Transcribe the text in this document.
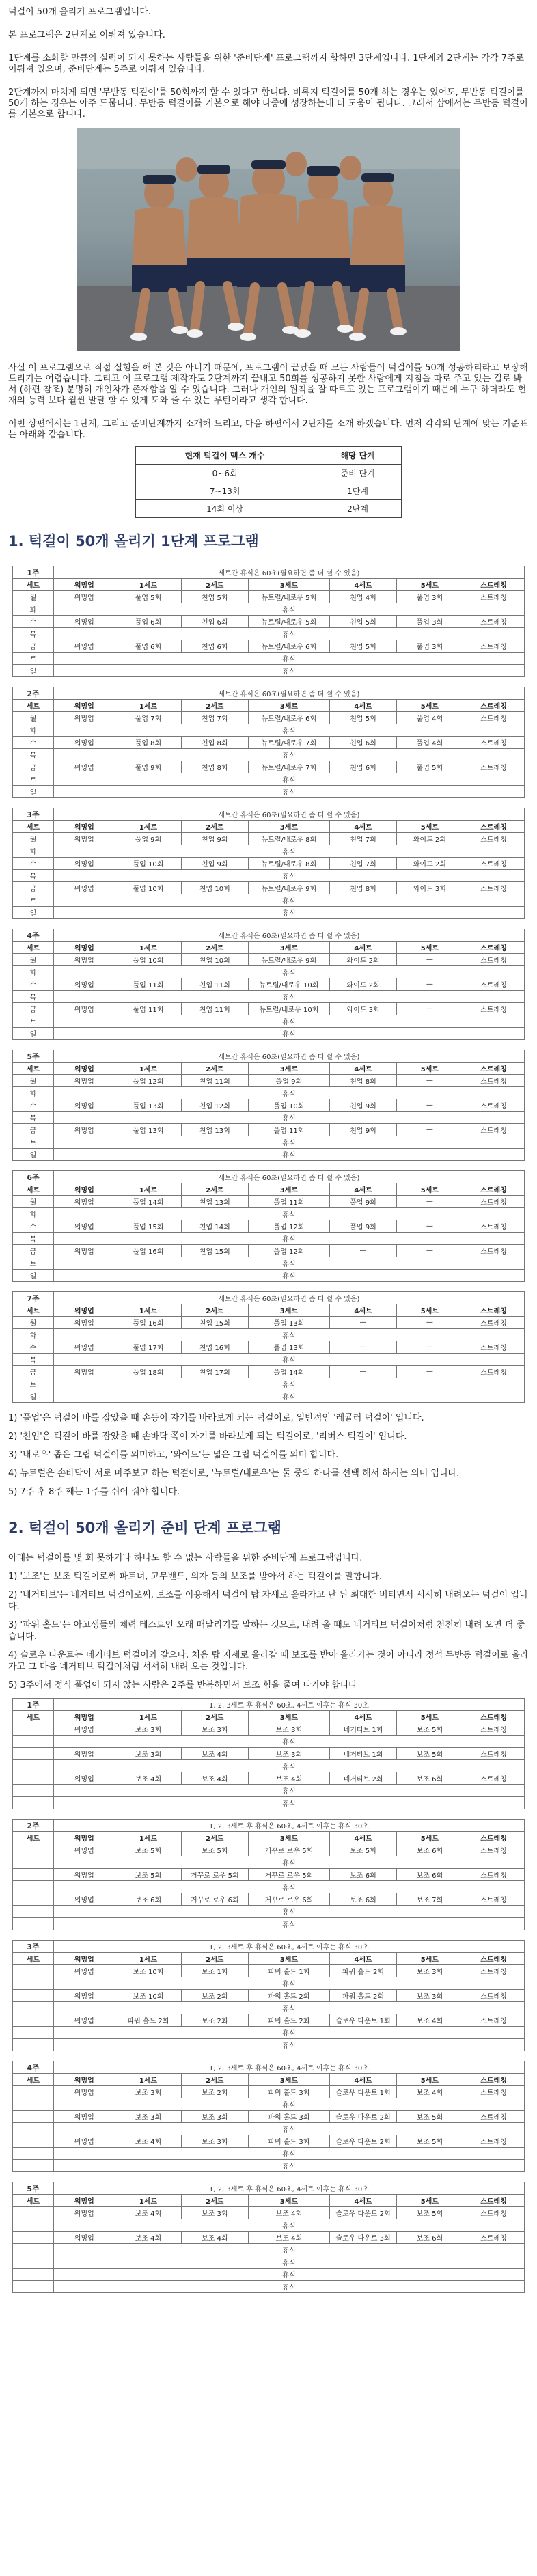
턱걸이 50개 올리기 프로그램입니다.

본 프로그램은 2단계로 이뤄져 있습니다.

1단계를 소화할 만큼의 실력이 되지 못하는 사람들을 위한 '준비단계' 프로그램까지 합하면 3단계입니다. 1단계와 2단계는 각각 7주로 이뤄져 있으며, 준비단계는 5주로 이뤄져 있습니다.

2단계까지 마치게 되면 '무반동 턱걸이'를 50회까지 할 수 있다고 합니다. 비록지 턱걸이를 50개 하는 경우는 있어도, 무반동 턱걸이를 50개 하는 경우는 아주 드뭅니다. 무반동 턱걸이를 기본으로 해야 나중에 성장하는데 더 도움이 됩니다. 그래서 삽에서는 무반동 턱걸이를 기본으로 합니다.

사실 이 프로그램으로 직접 실험을 해 본 것은 아니기 때문에, 프로그램이 끝났을 때 모든 사람들이 턱걸이를 50개 성공하리라고 보장해 드리기는 어렵습니다. 그리고 이 프로그램 제작자도 2단계까지 끝내고 50회를 성공하지 못한 사람에게 지침을 따로 주고 있는 걸로 봐서 (하편 참조) 분명히 개인차가 존재함을 알 수 있습니다. 그러나 개인의 원칙을 잘 따르고 있는 프로그램이기 때문에 누구 하더라도 현재의 능력 보다 월씬 발달 할 수 있게 도와 줄 수 있는 루틴이라고 생각 합니다.

이번 상편에서는 1단계, 그리고 준비단계까지 소개해 드리고, 다음 하편에서 2단계를 소개 하겠습니다. 먼저 각각의 단계에 맞는 기준표는 아래와 같습니다.

현재 턱걸이 맥스 개수	해당 단계
0~6회	준비 단계
7~13회	1단계
14회 이상	2단계
1. 턱걸이 50개 올리기 1단계 프로그램
1주	세트간 휴식은 60초(필요하면 좀 더 쉴 수 있음)						
세트	워밍업	1세트	2세트	3세트	4세트	5세트	스트레칭
월	워밍업	풀업 5회	친업 5회	뉴트럴/내로우 5회	친업 4회	풀업 3회	스트레칭
화	휴식						
수	워밍업	풀업 6회	친업 6회	뉴트럴/내로우 5회	친업 5회	풀업 3회	스트레칭
목	휴식						
금	워밍업	풀업 6회	친업 6회	뉴트럴/내로우 6회	친업 5회	풀업 3회	스트레칭
토	휴식						
일	휴식						
2주	세트간 휴식은 60초(필요하면 좀 더 쉴 수 있음)						
세트	워밍업	1세트	2세트	3세트	4세트	5세트	스트레칭
월	워밍업	풀업 7회	친업 7회	뉴트럴/내로우 6회	친업 5회	풀업 4회	스트레칭
화	휴식						
수	워밍업	풀업 8회	친업 8회	뉴트럴/내로우 7회	친업 6회	풀업 4회	스트레칭
목	휴식						
금	워밍업	풀업 9회	친업 8회	뉴트럴/내로우 7회	친업 6회	풀업 5회	스트레칭
토	휴식						
일	휴식						
3주	세트간 휴식은 60초(필요하면 좀 더 쉴 수 있음)						
세트	워밍업	1세트	2세트	3세트	4세트	5세트	스트레칭
월	워밍업	풀업 9회	친업 9회	뉴트럴/내로우 8회	친업 7회	와이드 2회	스트레칭
화	휴식						
수	워밍업	풀업 10회	친업 9회	뉴트럴/내로우 8회	친업 7회	와이드 2회	스트레칭
목	휴식						
금	워밍업	풀업 10회	친업 10회	뉴트럴/내로우 9회	친업 8회	와이드 3회	스트레칭
토	휴식						
일	휴식						
4주	세트간 휴식은 60초(필요하면 좀 더 쉴 수 있음)						
세트	워밍업	1세트	2세트	3세트	4세트	5세트	스트레칭
월	워밍업	풀업 10회	친업 10회	뉴트럴/내로우 9회	와이드 2회	—	스트레칭
화	휴식						
수	워밍업	풀업 11회	친업 11회	뉴트럴/내로우 10회	와이드 2회	—	스트레칭
목	휴식						
금	워밍업	풀업 11회	친업 11회	뉴트럴/내로우 10회	와이드 3회	—	스트레칭
토	휴식						
일	휴식						
5주	세트간 휴식은 60초(필요하면 좀 더 쉴 수 있음)						
세트	워밍업	1세트	2세트	3세트	4세트	5세트	스트레칭
월	워밍업	풀업 12회	친업 11회	풀업 9회	친업 8회	—	스트레칭
화	휴식						
수	워밍업	풀업 13회	친업 12회	풀업 10회	친업 9회	—	스트레칭
목	휴식						
금	워밍업	풀업 13회	친업 13회	풀업 11회	친업 9회	—	스트레칭
토	휴식						
일	휴식						
6주	세트간 휴식은 60초(필요하면 좀 더 쉴 수 있음)						
세트	워밍업	1세트	2세트	3세트	4세트	5세트	스트레칭
월	워밍업	풀업 14회	친업 13회	풀업 11회	풀업 9회	—	스트레칭
화	휴식						
수	워밍업	풀업 15회	친업 14회	풀업 12회	풀업 9회	—	스트레칭
목	휴식						
금	워밍업	풀업 16회	친업 15회	풀업 12회	—	—	스트레칭
토	휴식						
일	휴식						
7주	세트간 휴식은 60초(필요하면 좀 더 쉴 수 있음)						
세트	워밍업	1세트	2세트	3세트	4세트	5세트	스트레칭
월	워밍업	풀업 16회	친업 15회	풀업 13회	—	—	스트레칭
화	휴식						
수	워밍업	풀업 17회	친업 16회	풀업 13회	—	—	스트레칭
목	휴식						
금	워밍업	풀업 18회	친업 17회	풀업 14회	—	—	스트레칭
토	휴식						
일	휴식						

1) '풀업'은 턱걸이 바를 잡았을 때 손등이 자기를 바라보게 되는 턱걸이로, 일반적인 '레귤러 턱걸이' 입니다.

2) '친업'은 턱걸이 바를 잡았을 때 손바닥 쪽이 자기를 바라보게 되는 턱걸이로, '리버스 턱걸이' 입니다.

3) '내로우' 좁은 그립 턱걸이를 의미하고, '와이드'는 넓은 그립 턱걸이를 의미 합니다.

4) 뉴트럴은 손바닥이 서로 마주보고 하는 턱걸이로, '뉴트럴/내로우'는 둘 중의 하나를 선택 해서 하시는 의미 입니다.

5) 7주 후 8주 째는 1주를 쉬어 줘야 합니다.

2. 턱걸이 50개 올리기 준비 단계 프로그램

아래는 턱걸이를 몇 회 못하거나 하나도 할 수 없는 사람들을 위한 준비단계 프로그램입니다.

1) '보조'는 보조 턱걸이로써 파트너, 고무밴드, 의자 등의 보조를 받아서 하는 턱걸이를 말합니다.

2) '네거티브'는 네거티브 턱걸이로써, 보조를 이용해서 턱걸이 탑 자세로 올라가고 난 뒤 최대한 버티면서 서서히 내려오는 턱걸이 입니다.

3) '파워 홀드'는 아고생들의 체력 테스트인 오래 매달리기를 말하는 것으로, 내려 올 때도 네거티브 턱걸이처럼 천천히 내려 오면 더 좋습니다.

4) 슬로우 다운트는 네거티브 턱걸이와 같으나, 처음 탑 자세로 올라갈 때 보조를 받아 올라가는 것이 아니라 정석 무반동 턱걸이로 올라가고 그 다음 네거티브 턱걸이처럼 서서히 내려 오는 것입니다.

5) 3주에서 정식 풀업이 되지 않는 사람은 2주를 반복하면서 보조 힘을 줄여 나가야 합니다

1주	1, 2, 3세트 후 휴식은 60초, 4세트 이후는 휴식 30초						
세트	워밍업	1세트	2세트	3세트	4세트	5세트	스트레칭
	워밍업	보조 3회	보조 3회	보조 3회	네거티브 1회	보조 5회	스트레칭
	휴식						
	워밍업	보조 3회	보조 4회	보조 3회	네거티브 1회	보조 5회	스트레칭
	휴식						
	워밍업	보조 4회	보조 4회	보조 4회	네거티브 2회	보조 6회	스트레칭
	휴식						
	휴식						
2주	1, 2, 3세트 후 휴식은 60초, 4세트 이후는 휴식 30초						
세트	워밍업	1세트	2세트	3세트	4세트	5세트	스트레칭
	워밍업	보조 5회	보조 5회	거꾸로 로우 5회	보조 5회	보조 6회	스트레칭
	휴식						
	워밍업	보조 5회	거꾸로 로우 5회	거꾸로 로우 5회	보조 6회	보조 6회	스트레칭
	휴식						
	워밍업	보조 6회	거꾸로 로우 6회	거꾸로 로우 6회	보조 6회	보조 7회	스트레칭
	휴식						
	휴식						
3주	1, 2, 3세트 후 휴식은 60초, 4세트 이후는 휴식 30초						
세트	워밍업	1세트	2세트	3세트	4세트	5세트	스트레칭
	워밍업	보조 10회	보조 1회	파워 홀드 1회	파워 홀드 2회	보조 3회	스트레칭
	휴식						
	워밍업	보조 10회	보조 2회	파워 홀드 2회	파워 홀드 2회	보조 3회	스트레칭
	휴식						
	워밍업	파워 홀드 2회	보조 2회	파워 홀드 2회	슬로우 다운트 1회	보조 4회	스트레칭
	휴식						
	휴식						
4주	1, 2, 3세트 후 휴식은 60초, 4세트 이후는 휴식 30초						
세트	워밍업	1세트	2세트	3세트	4세트	5세트	스트레칭
	워밍업	보조 3회	보조 2회	파워 홀드 3회	슬로우 다운트 1회	보조 4회	스트레칭
	휴식						
	워밍업	보조 3회	보조 3회	파워 홀드 3회	슬로우 다운트 2회	보조 5회	스트레칭
	휴식						
	워밍업	보조 4회	보조 3회	파워 홀드 3회	슬로우 다운트 2회	보조 5회	스트레칭
	휴식						
	휴식						
5주	1, 2, 3세트 후 휴식은 60초, 4세트 이후는 휴식 30초						
세트	워밍업	1세트	2세트	3세트	4세트	5세트	스트레칭
	워밍업	보조 4회	보조 3회	보조 4회	슬로우 다운트 2회	보조 5회	스트레칭
	휴식						
	워밍업	보조 4회	보조 4회	보조 4회	슬로우 다운트 3회	보조 6회	스트레칭
	휴식						
	휴식						
	휴식						
	휴식						
